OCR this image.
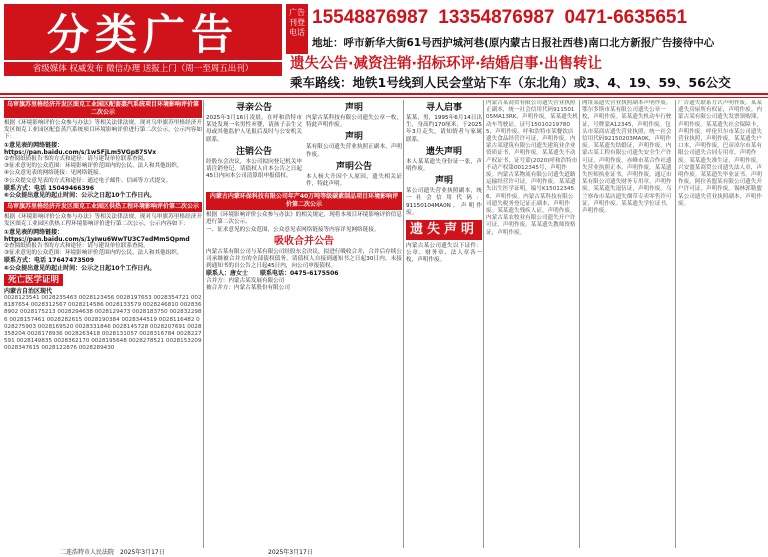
分类广告
省级媒体 权威发布 微信办理 送报上门（周一至周五出刊）
广告
刊登
电话
15548876987 13354876987 0471-6635651
地址：呼市新华大街61号西护城河巷(原内蒙古日报社西巷)南口北方新报广告接待中心
遗失公告·减资注销·招标环评·结婚启事·出售转让
乘车路线：地铁1号线到人民会堂站下车（东北角）或3、4、19、59、56公交
乌审旗苏里格经济开发区图克工业园区配套蒸汽系统项目环境影响评价第二次公示
根据《环境影响评价公众参与办法》等相关法律法规，现对乌审旗苏里格经济开发区图克工业园区配套蒸汽系统项目环境影响评价进行第二次公示，公示内容如下：
①意见表的网络链接：https://pan.baidu.com/s/1wSFjLm5VGp87SVx
②查阅纸质报告书的方式和途径：请与建设单位联系查阅。
③征求意见的公众范围：环境影响评价范围内的公民、法人和其他组织。
④公众意见表的网络链接：见网络链接。
⑤公众提交意见表的方式和途径：通过电子邮件、信函等方式提交。
联系方式：电话 15049466396
⑥公众提出意见的起止时间：公示之日起10个工作日内。
乌审旗苏里格经济开发区图克工业园区供热工程环境影响评价第二次公示
根据《环境影响评价公众参与办法》等相关法律法规，现对乌审旗苏里格经济开发区图克工业园区供热工程环境影响评价进行第二次公示，公示内容如下：
①意见表的网络链接：https://pan.baidu.com/s/1yIwu6WwTU3C7edMmSQpmd
②查阅纸质报告书的方式和途径：请与建设单位联系查阅。
③征求意见的公众范围：环境影响评价范围内的公民、法人和其他组织。
联系方式：电话 17647473509
⑥公众提出意见的起止时间：公示之日起10个工作日内。
死亡医学证明
内蒙古自治区现代
0028123541 0028235463 0028123456 0028197653 0028354721 0028187654 0028312567 0028214586 0028133579 0028246810 0028368902 0028175213 0028294638 0028129473 0028183750 0028322986 0028157461 0028282615 0028190384 0028344519 0028116482 0028275903 0028169520 0028331846 0028145728 0028207691 0028358204 0028178936 0028263418 0028131057 0028316784 0028227591 0028149835 0028362170 0028195648 0028278521 0028153209 0028347615 0028122876 0028289430
寻亲公告
2025年3月16日凌晨，在呼和浩特市某处发现一名男性弃婴，请孩子亲生父母或其他监护人见报后及时与公安机关联系。
注销公告
经股东会决议，本公司拟向登记机关申请注销登记，请债权人自本公告之日起45日内向本公司清算组申报债权。
声明
内蒙古某科技有限公司遗失公章一枚，特此声明作废。
声明
某有限公司遗失营业执照正副本，声明作废。
声明公告
本人杨大升因个人原因，遗失相关证件，特此声明。
内蒙古内蒙环保科技有限公司年产40万吨等级碳素制品项目环境影响评价第二次公示
根据《环境影响评价公众参与办法》的相关规定，现将本项目环境影响评价信息进行第二次公示。
一、征求意见的公众范围、公众意见表网络链接等内容详见网络链接。
吸收合并公告
内蒙古某有限公司与某有限公司经股东会决议，拟进行吸收合并，合并后存续公司承继被合并方的全部债权债务。请债权人自接到通知书之日起30日内，未接到通知书的自公告之日起45日内，向公司申报债权。
联系人：唐女士　　联系电话：0475-6175506
合并方：内蒙古某发展有限公司
被合并方：内蒙古某股份有限公司
寻人启事
某某，男，1995年6月14日出生，身高约170厘米，于2025年3月走失，请知情者与家属联系。
遗失声明
本人某某遗失身份证一张，声明作废。
声明
某公司遗失营业执照副本，统一社会信用代码：91150104MA0N，声明作废。
遗失声明
内蒙古某公司遗失以下证件：公章、财务章、法人章各一枚，声明作废。
内蒙古某商贸有限公司遗失营业执照正副本，统一社会信用代码91150105MA13RK，声明作废。某某遗失机动车驾驶证，证号150102197805，声明作废。呼和浩特市某餐饮店遗失食品经营许可证，声明作废。内蒙古某建筑有限公司遗失建筑业企业资质证书，声明作废。某某遗失不动产权证书，证号蒙(2020)呼和浩特市不动产权第0012345号，声明作废。内蒙古某物流有限公司遗失道路运输经营许可证，声明作废。某某遗失出生医学证明，编号K150123456，声明作废。内蒙古某科技有限公司遗失税务登记证正副本，声明作废。某某遗失残疾人证，声明作废。内蒙古某农牧业有限公司遗失开户许可证，声明作废。某某遗失教师资格证，声明作废。
网址某遗失营业执照副本声明作废。鄂尔多斯市某有限公司遗失公章一枚，声明作废。某某遗失机动车行驶证，号牌蒙A12345，声明作废。包头市某商店遗失营业执照，统一社会信用代码92150203MA0K，声明作废。某某遗失结婚证，声明作废。内蒙古某工程有限公司遗失安全生产许可证，声明作废。赤峰市某合作社遗失营业执照正本，声明作废。某某遗失医师执业证书，声明作废。通辽市某有限公司遗失财务专用章，声明作废。某某遗失退伍证，声明作废。乌兰察布市某店遗失烟草专卖零售许可证，声明作废。某某遗失学位证书，声明作废。
广告遗失联系方式声明作废。某某遗失房屋所有权证，声明作废。内蒙古某有限公司遗失发票领购簿，声明作废。某某遗失社会保障卡，声明作废。呼伦贝尔市某公司遗失营业执照，声明作废。某某遗失户口本，声明作废。巴彦淖尔市某有限公司遗失合同专用章，声明作废。某某遗失准生证，声明作废。兴安盟某商贸公司遗失法人章，声明作废。某某遗失毕业证书，声明作废。阿拉善盟某有限公司遗失开户许可证，声明作废。锡林郭勒盟某公司遗失营业执照副本，声明作废。
二连浩特市人民法院　2025年3月17日	2025年3月17日
